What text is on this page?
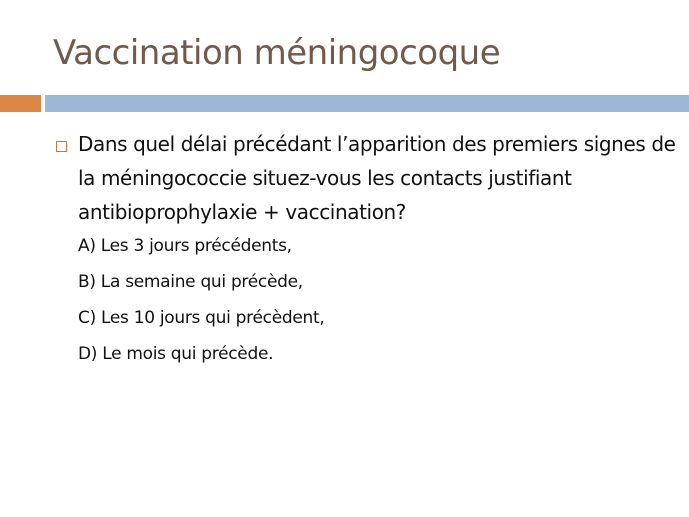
Vaccination méningocoque

Dans quel délai précédant l’apparition des premiers signes de la méningococcie situez-vous les contacts justifiant antibioprophylaxie + vaccination?

A) Les 3 jours précédents,

B) La semaine qui précède,

C) Les 10 jours qui précèdent,

D) Le mois qui précède.
